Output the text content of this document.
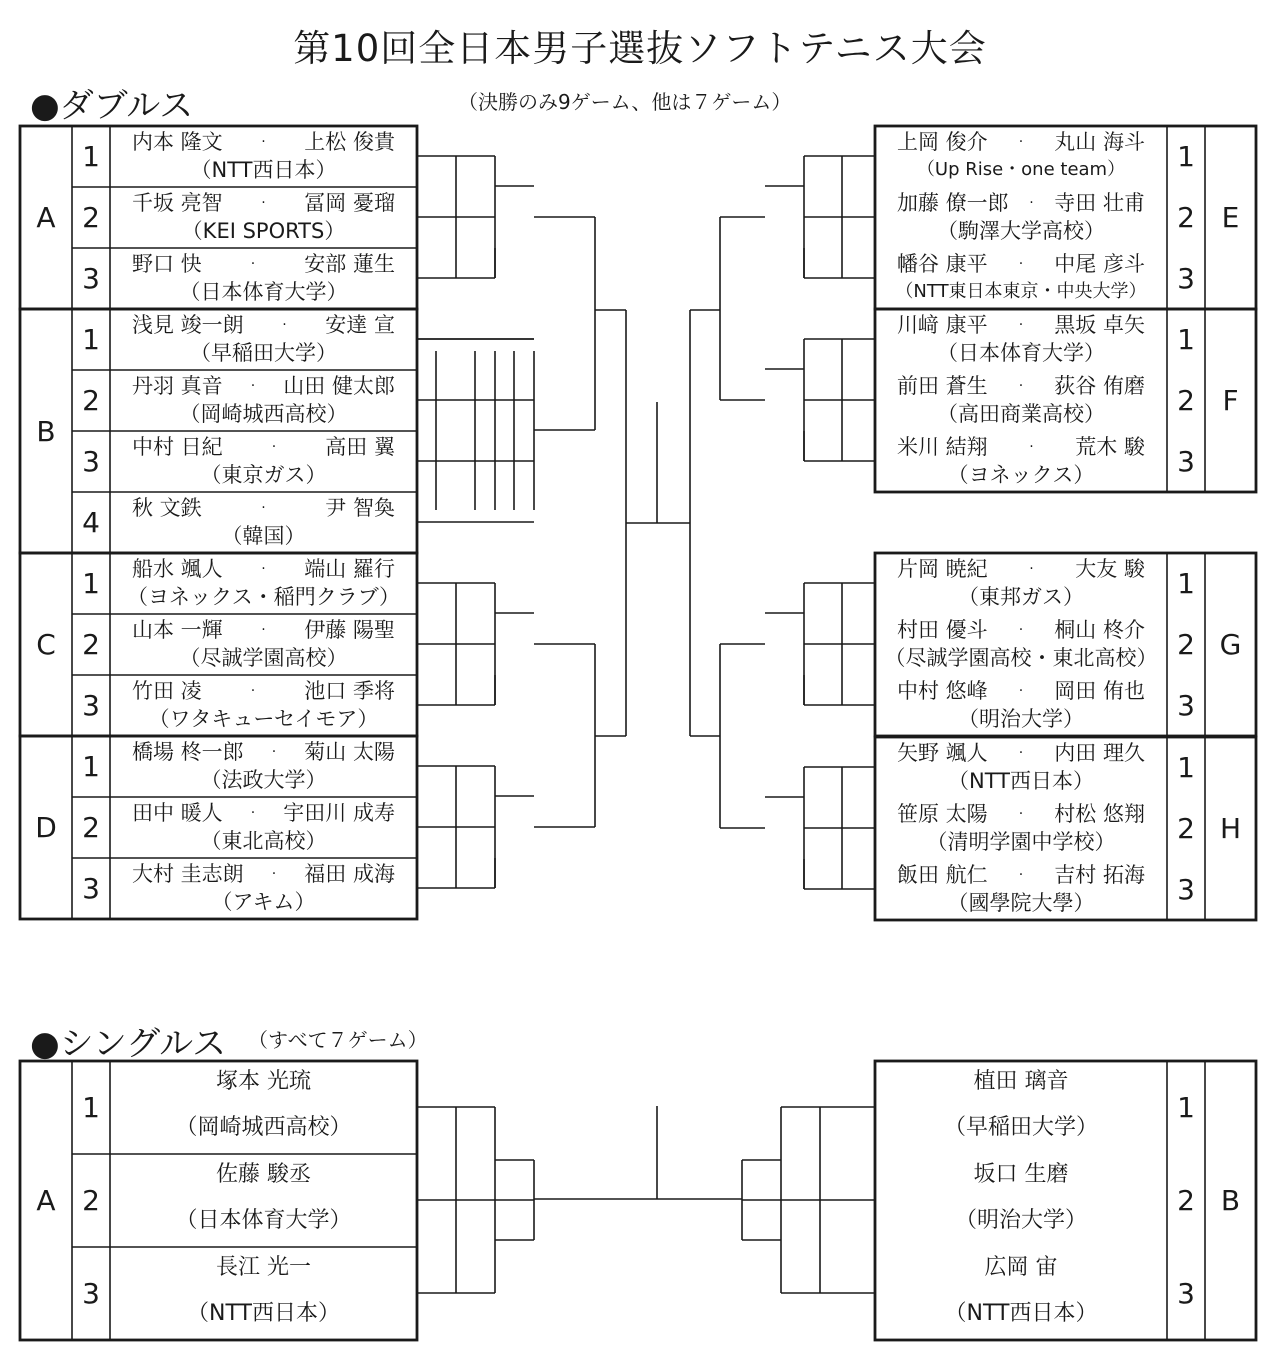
第10回全日本男子選抜ソフトテニス大会
●ダブルス	（決勝のみ9ゲーム、他は７ゲーム）
●シングルス （すべて７ゲーム）
A
1 内本 隆文	· 上松 俊貴
（NTT西日本）
2 千坂 亮智	· 冨岡 憂瑠
（KEI SPORTS）
3 野口 快	· 安部 蓮生
（日本体育大学）
B
1 浅見 竣一朗	· 安達 宣
（早稲田大学）
2 丹羽 真音 · 山田 健太郎
（岡崎城西高校）
3 中村 日紀	· 高田 翼
（東京ガス）
4 秋 文鉄	·	尹 智奐
（韓国）
C
1 船水 颯人	· 端山 羅行
（ヨネックス・稲門クラブ）
2 山本 一輝	· 伊藤 陽聖
（尽誠学園高校）
3 竹田 凌	· 池口 季将
（ワタキューセイモア）
D
1 橋場 柊一郎 · 菊山 太陽
（法政大学）
2 田中 暖人 · 宇田川 成寿
（東北高校）
3 大村 圭志朗 · 福田 成海
（アキム）
E
1
上岡 俊介 · 丸山 海斗
（Up Rise・one team）
2
加藤 僚一郎 · 寺田 壮甫
（駒澤大学高校）
3
幡谷 康平 · 中尾 彦斗
（NTT東日本東京・中央大学）
F
1
川﨑 康平 · 黒坂 卓矢
（日本体育大学）
2
前田 蒼生 · 荻谷 侑磨
（高田商業高校）
3
米川 結翔	· 荒木 駿
（ヨネックス）
G
1
片岡 暁紀	· 大友 駿
（東邦ガス）
2
村田 優斗 · 桐山 柊介
（尽誠学園高校・東北高校）
3
中村 悠峰 · 岡田 侑也
（明治大学）
H
1
矢野 颯人 · 内田 理久
（NTT西日本）
2
笹原 太陽 · 村松 悠翔
（清明学園中学校）
3
飯田 航仁 · 吉村 拓海
（國學院大學）
A
1
塚本 光琉
（岡崎城西高校）
2
佐藤 駿丞
（日本体育大学）
3
長江 光一
（NTT西日本）
B
1
植田 璃音
（早稲田大学）
2
坂口 生磨
（明治大学）
3
広岡 宙
（NTT西日本）
